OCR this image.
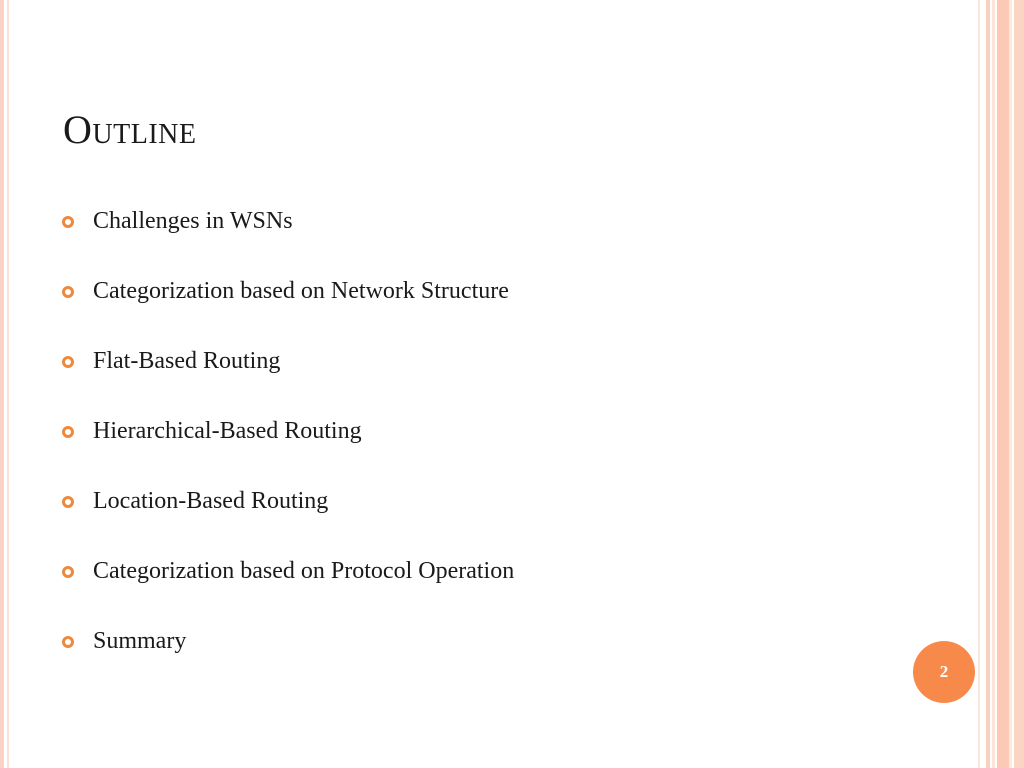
Outline
Challenges in WSNs
Categorization based on Network Structure
Flat-Based Routing
Hierarchical-Based Routing
Location-Based Routing
Categorization based on Protocol Operation
Summary
2
